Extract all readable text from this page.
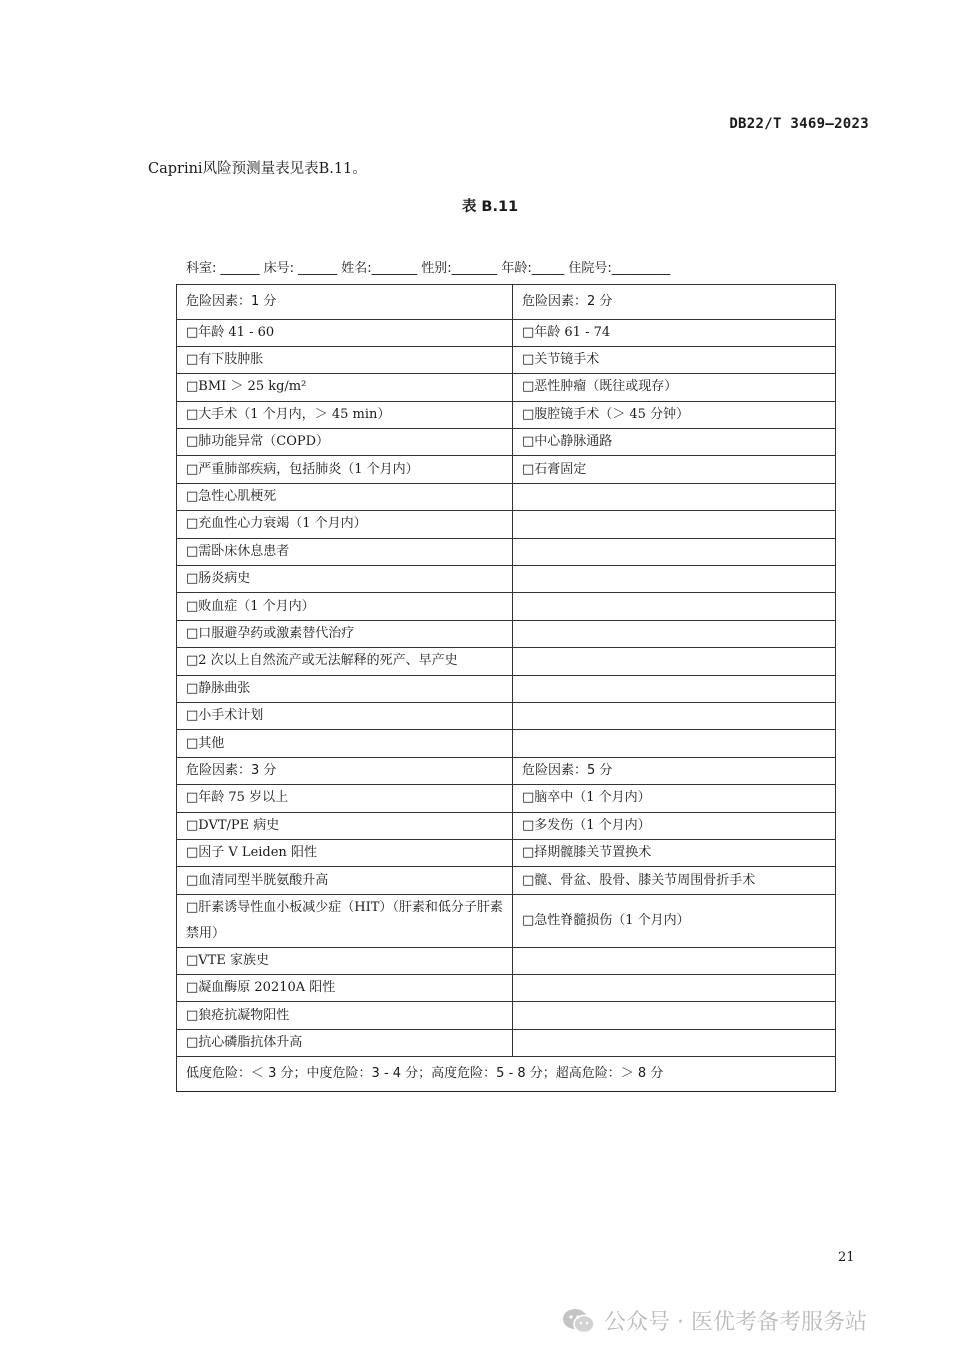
DB22/T 3469—2023
Caprini风险预测量表见表B.11。
表 B.11
科室: ______ 床号: ______ 姓名:_______ 性别:_______ 年龄:_____ 住院号:_________
危险因素：1 分	危险因素：2 分
□年龄 41 - 60	□年龄 61 - 74
□有下肢肿胀	□关节镜手术
□BMI ＞ 25 kg/m²	□恶性肿瘤（既往或现存）
□大手术（1 个月内，＞ 45 min）	□腹腔镜手术（＞ 45 分钟）
□肺功能异常（COPD）	□中心静脉通路
□严重肺部疾病，包括肺炎（1 个月内）	□石膏固定
□急性心肌梗死	
□充血性心力衰竭（1 个月内）	
□需卧床休息患者	
□肠炎病史	
□败血症（1 个月内）	
□口服避孕药或激素替代治疗	
□2 次以上自然流产或无法解释的死产、早产史	
□静脉曲张	
□小手术计划	
□其他	
危险因素：3 分	危险因素：5 分
□年龄 75 岁以上	□脑卒中（1 个月内）
□DVT/PE 病史	□多发伤（1 个月内）
□因子 V Leiden 阳性	□择期髋膝关节置换术
□血清同型半胱氨酸升高	□髋、骨盆、股骨、膝关节周围骨折手术
□肝素诱导性血小板减少症（HIT）（肝素和低分子肝素禁用）	□急性脊髓损伤（1 个月内）
□VTE 家族史	
□凝血酶原 20210A 阳性	
□狼疮抗凝物阳性	
□抗心磷脂抗体升高	
低度危险：＜ 3 分；中度危险：3 - 4 分；高度危险：5 - 8 分；超高危险：＞ 8 分	
21
公众号 · 医优考备考服务站
